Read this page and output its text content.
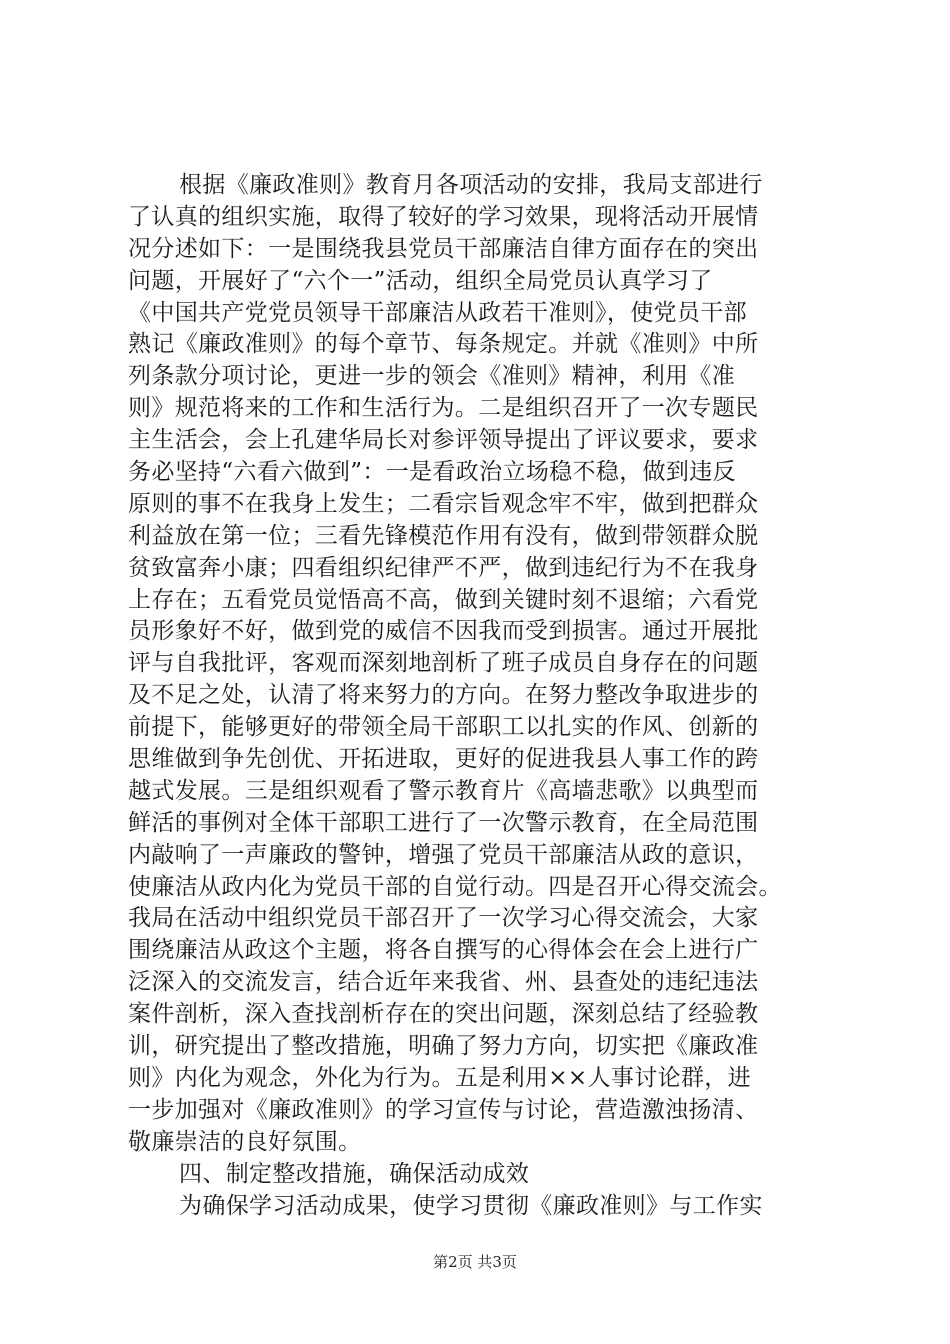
根据《廉政准则》教育月各项活动的安排，我局支部进行
了认真的组织实施，取得了较好的学习效果，现将活动开展情
况分述如下：一是围绕我县党员干部廉洁自律方面存在的突出
问题，开展好了“六个一”活动，组织全局党员认真学习了
《中国共产党党员领导干部廉洁从政若干准则》，使党员干部
熟记《廉政准则》的每个章节、每条规定。并就《准则》中所
列条款分项讨论，更进一步的领会《准则》精神，利用《准
则》规范将来的工作和生活行为。二是组织召开了一次专题民
主生活会，会上孔建华局长对参评领导提出了评议要求，要求
务必坚持“六看六做到”：一是看政治立场稳不稳，做到违反
原则的事不在我身上发生；二看宗旨观念牢不牢，做到把群众
利益放在第一位；三看先锋模范作用有没有，做到带领群众脱
贫致富奔小康；四看组织纪律严不严，做到违纪行为不在我身
上存在；五看党员觉悟高不高，做到关键时刻不退缩；六看党
员形象好不好，做到党的威信不因我而受到损害。通过开展批
评与自我批评，客观而深刻地剖析了班子成员自身存在的问题
及不足之处，认清了将来努力的方向。在努力整改争取进步的
前提下，能够更好的带领全局干部职工以扎实的作风、创新的
思维做到争先创优、开拓进取，更好的促进我县人事工作的跨
越式发展。三是组织观看了警示教育片《高墙悲歌》以典型而
鲜活的事例对全体干部职工进行了一次警示教育，在全局范围
内敲响了一声廉政的警钟，增强了党员干部廉洁从政的意识，
使廉洁从政内化为党员干部的自觉行动。四是召开心得交流会。
我局在活动中组织党员干部召开了一次学习心得交流会，大家
围绕廉洁从政这个主题，将各自撰写的心得体会在会上进行广
泛深入的交流发言，结合近年来我省、州、县查处的违纪违法
案件剖析，深入查找剖析存在的突出问题，深刻总结了经验教
训，研究提出了整改措施，明确了努力方向，切实把《廉政准
则》内化为观念，外化为行为。五是利用××人事讨论群，进
一步加强对《廉政准则》的学习宣传与讨论，营造激浊扬清、
敬廉崇洁的良好氛围。
四、制定整改措施，确保活动成效
为确保学习活动成果，使学习贯彻《廉政准则》与工作实
第2页 共3页
